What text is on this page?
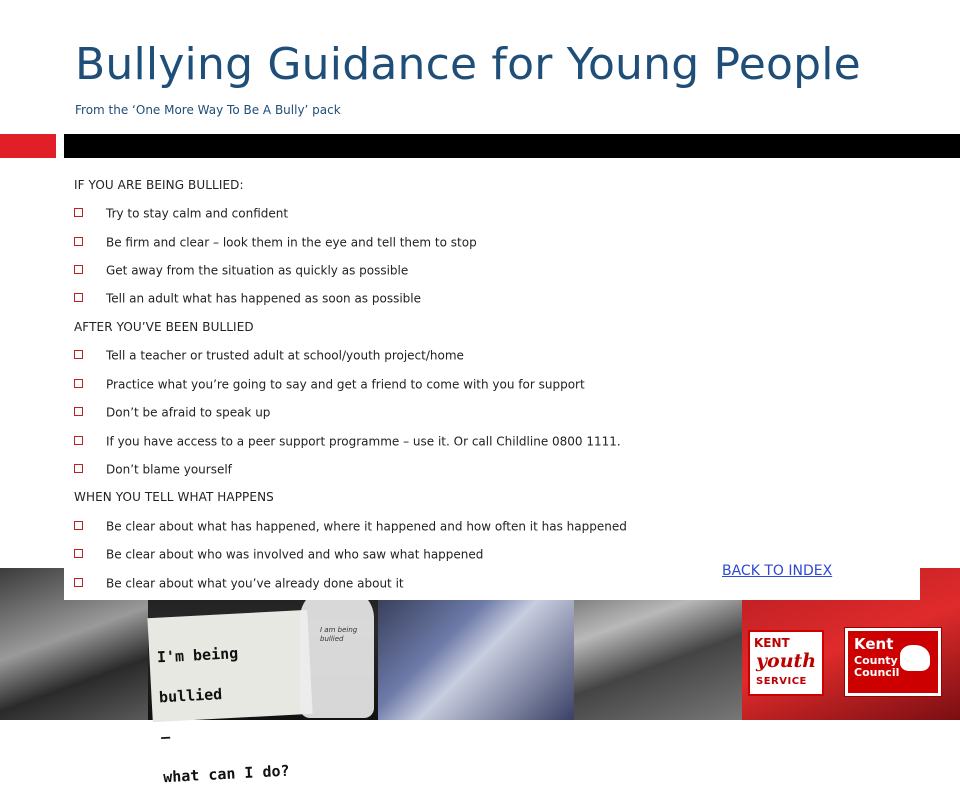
Bullying Guidance for Young People
From the ‘One More Way To Be A Bully’ pack

I'm being

bullied

–

what can I do?

I am being bullied	KENT
youth
SERVICE
Kent
County
Council
IF YOU ARE BEING BULLIED:
Try to stay calm and confident
Be firm and clear – look them in the eye and tell them to stop
Get away from the situation as quickly as possible
Tell an adult what has happened as soon as possible
AFTER YOU’VE BEEN BULLIED
Tell a teacher or trusted adult at school/youth project/home
Practice what you’re going to say and get a friend to come with you for support
Don’t be afraid to speak up
If you have access to a peer support programme – use it. Or call Childline 0800 1111.
Don’t blame yourself
WHEN YOU TELL WHAT HAPPENS
Be clear about what has happened, where it happened and how often it has happened
Be clear about who was involved and who saw what happened
Be clear about what you’ve already done about it
BACK TO INDEX
